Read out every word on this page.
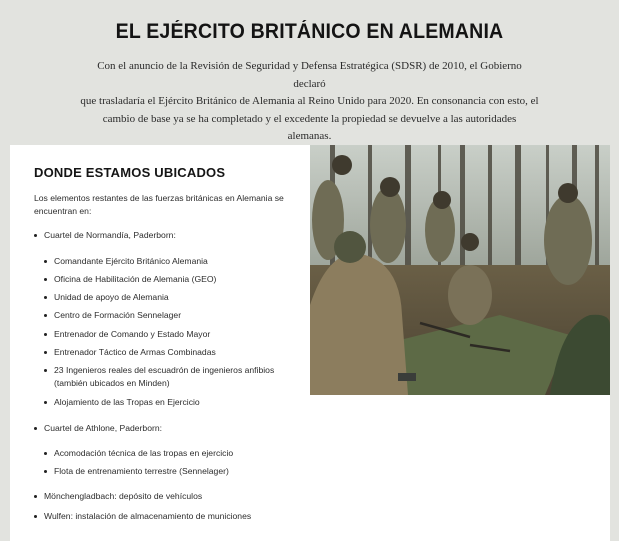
EL EJÉRCITO BRITÁNICO EN ALEMANIA
Con el anuncio de la Revisión de Seguridad y Defensa Estratégica (SDSR) de 2010, el Gobierno declaró
que trasladaría el Ejército Británico de Alemania al Reino Unido para 2020. En consonancia con esto, el
cambio de base ya se ha completado y el excedente la propiedad se devuelve a las autoridades
alemanas.
DONDE ESTAMOS UBICADOS
Los elementos restantes de las fuerzas británicas en Alemania se
encuentran en:
Cuartel de Normandía, Paderborn:
Comandante Ejército Británico Alemania
Oficina de Habilitación de Alemania (GEO)
Unidad de apoyo de Alemania
Centro de Formación Sennelager
Entrenador de Comando y Estado Mayor
Entrenador Táctico de Armas Combinadas
23 Ingenieros reales del escuadrón de ingenieros anfibios
(también ubicados en Minden)
Alojamiento de las Tropas en Ejercicio
Cuartel de Athlone, Paderborn:
Acomodación técnica de las tropas en ejercicio
Flota de entrenamiento terrestre (Sennelager)
Mönchengladbach: depósito de vehículos
Wulfen: instalación de almacenamiento de municiones
